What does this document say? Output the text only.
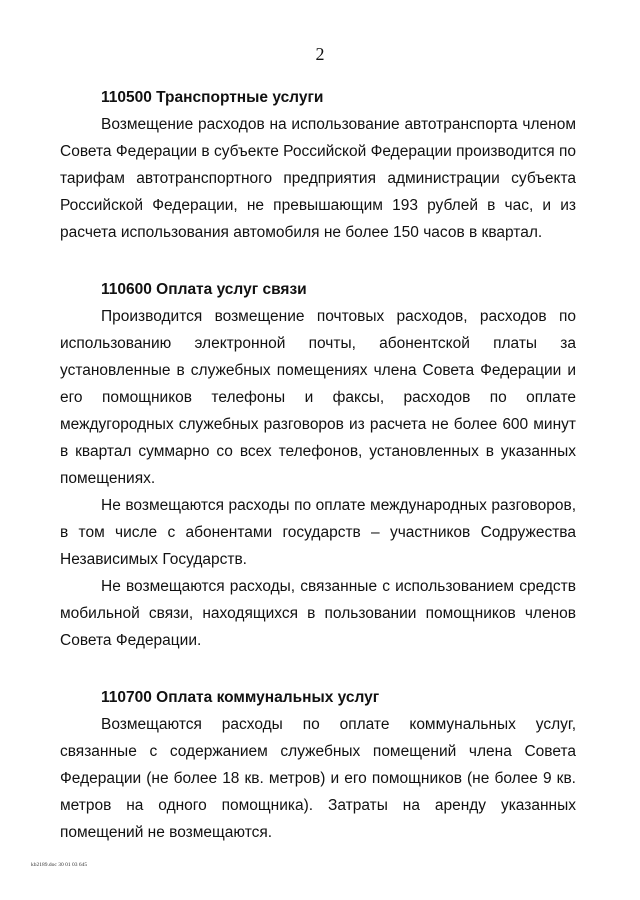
2

110500 Транспортные услуги

Возмещение расходов на использование автотранспорта членом Совета Федерации в субъекте Российской Федерации производится по тарифам автотранспортного предприятия администрации субъекта Российской Федерации, не превышающим 193 рублей в час, и из расчета использования автомобиля не более 150 часов в квартал.

110600 Оплата услуг связи

Производится возмещение почтовых расходов, расходов по использованию электронной почты, абонентской платы за установленные в служебных помещениях члена Совета Федерации и его помощников телефоны и факсы, расходов по оплате междугородных служебных разговоров из расчета не более 600 минут в квартал суммарно со всех телефонов, установленных в указанных помещениях.

Не возмещаются расходы по оплате международных разговоров, в том числе с абонентами государств – участников Содружества Независимых Государств.

Не возмещаются расходы, связанные с использованием средств мобильной связи, находящихся в пользовании помощников членов Совета Федерации.

110700 Оплата коммунальных услуг

Возмещаются расходы по оплате коммунальных услуг, связанные с содержанием служебных помещений члена Совета Федерации (не более 18 кв. метров) и его помощников (не более 9 кв. метров на одного помощника). Затраты на аренду указанных помещений не возмещаются.

kb2189.doc 30 01 03 645
